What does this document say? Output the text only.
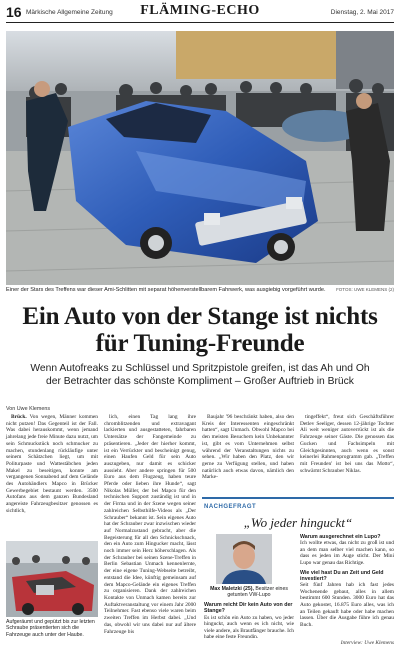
16 Märkische Allgemeine Zeitung	FLÄMING-ECHO	Dienstag, 2. Mai 2017
Einer der Stars des Treffens war dieser Ami-Schlitten mit separat höhenverstellbarem Fahrwerk, was ausgiebig vorgeführt wurde. FOTOS: UWE KLEMENS (2)
Ein Auto von der Stange ist nichts für Tuning-Freunde
Wenn Autofreaks zu Schlüssel und Spritzpistole greifen, ist das Ah und Oh der Betrachter das schönste Kompliment – Großer Auftrieb in Brück
Von Uwe Klemens

Brück. Von wegen, Männer kommen nicht putzen! Das Gegenteil ist der Fall. Was dabei herauskommt, wenn jemand jahrelang jede freie Minute dazu nutzt, um sein Schmuckstück noch schmucker zu machen, stundenlang rückläufige unter seinem Schätzchen liegt, um mit Politurpaste und Wattestäbchen jeden Makel zu beseitigen, konnte am vergangenen Sonnabend auf dem Gelände des Autohändlers Mapco in Brücker Gewerbegebiet bestaunt werden. 3500 Autofans aus dem ganzen Bundesland angereiste Fahrzeugbesitzer genossen es sichtlich,

Aufgeräumt und gepützt bis zur letzten Schraube präsentierten sich die Fahrzeuge auch unter der Haube.

lich, einen Tag lang ihre chromblitzenden und extravagant lackierten und ausgestatteten, fahrbaren Untersätze der Fangemeinde zu präsentieren. „Jeder der hierher kommt, ist ein Verrückter und bescheinigt genug, einen Haufen Geld für sein Auto auszugeben, nur damit es schicker aussieht. Aber andere springen für 500 Euro aus dem Flugzeug, haben teure Pferde oder lieben ihre Hunde“, sagt Nikolas Müller, der bei Mapco für den technischen Support zuständig ist und in der Firma und in der Szene wegen seiner zahlreichen Selbsthilfe-Videos als „Der Schrauber“ bekannt ist. Sein eigenes Auto hat der Schrauber zwar inzwischen wieder auf Normalzustand gebracht, aber die Begeisterung für all den Schnickschnack, den ein Auto zum Hingucker macht, lässt noch immer sein Herz höherschlagen. Als der Schrauber bei seinen Szene-Treffen in Berlin Sebastian Unmach kennenlernte, der eine eigene Tuning-Webseite betreibt, entstand die Idee, künftig gemeinsam auf dem Mapco-Gelände ein eigenes Treffen zu organisieren. Dank der zahlreichen Kontakte von Unmach kamen bereits zur Auftaktveranstaltung vor einem Jahr 2000 Teilnehmer. Fast ebenso viele waren beim zweiten Treffen im Herbst dabei. „Und das, obwohl wir uns dabei nur auf ältere Fahrzeuge bis

Baujahr '96 beschränkt haben, also den Kreis der Interessenten eingeschränkt hatten“, sagt Unmach. Obwohl Mapco bei den meisten Besuchern kein Unbekannter ist, gibt es vom Unternehmen selbst während der Veranstaltungen nichts zu sehen. „Wir haben den Platz, den wir gerne zu Verfügung stellen, und haben natürlich auch etwas davon, nämlich den Marke-

tingeffekt“, freut sich Geschäftsführer Detlev Seeliger, dessen 12-jährige Tochter Ali weit weniger autoverrückt ist als die Fahrzeuge seiner Gäste. Die genossen das Gucken und Fachsimpeln mit Gleichgesinnten, auch wenn es sonst keinerlei Rahmenprogramm gab. „Treffen mit Freunden' ist bei uns das Motto“, schwärmt Schrauber Niklas.

NACHGEFRAGT
„Wo jeder hinguckt“
Max Maletzki (25), Besitzer eines getunten VW-Lupo
Warum reicht Dir kein Auto von der Stange?
Es ist schön ein Auto zu haben, wo jeder hinguckt, auch wenn es ich nicht, wie viele andere, als Brautfänger brauche. Ich habe eine feste Freundin.
Warum ausgerechnet ein Lupo?
Ich wollte etwas, das nicht zu groß ist und an dem man selber viel machen kann, so dass es jeden im Auge sticht. Der Mini Lupo war genau das Richtige.
Wie viel hast Du an Zeit und Geld investiert?
Seit fünf Jahren hab ich fast jedes Wochenende gebaut, alles in allem bestimmt 600 Stunden. 3000 Euro hat das Auto gekostet, 16.875 Euro alles, was ich an Teilen gekauft habe oder habe machen lassen. Über die Ausgabe führe ich genau Buch.
Interview: Uwe Klemens
